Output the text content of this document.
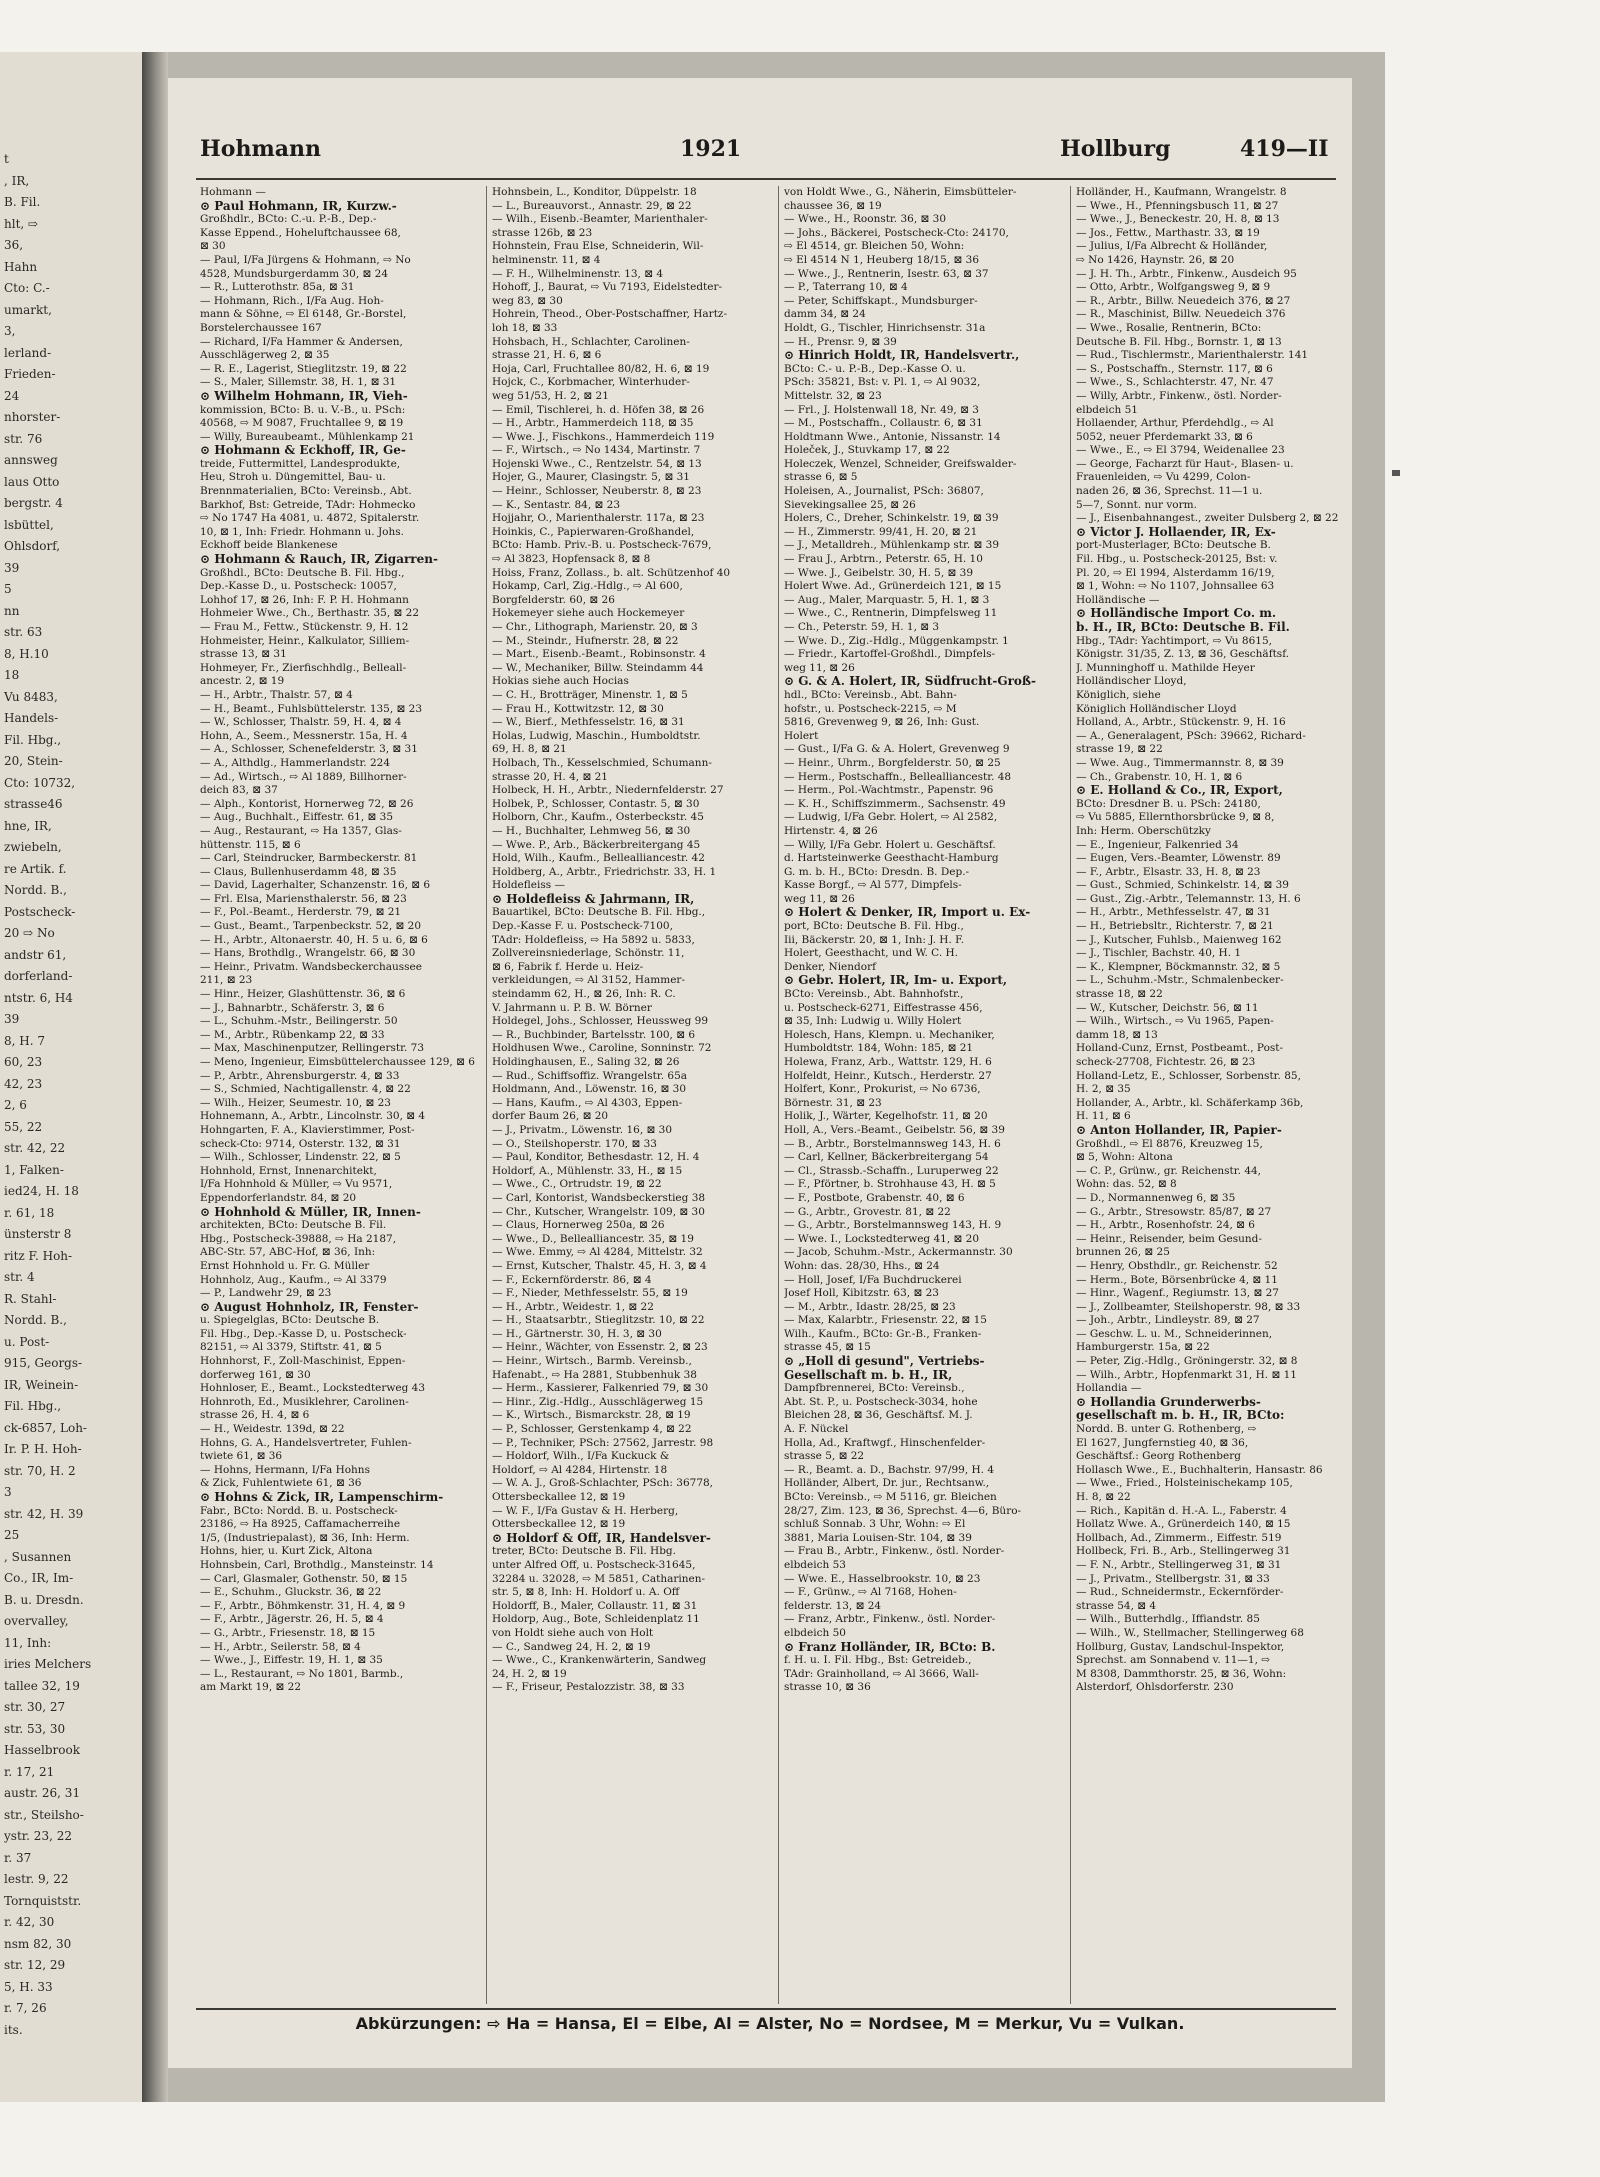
t
, IR,
B. Fil.
hlt, ⇨
36,
Hahn
Cto: C.-
umarkt,
3,
lerland-
Frieden-
24
nhorster-
str. 76
annsweg
laus Otto
bergstr. 4
lsbüttel,
Ohlsdorf,
39
5
nn
str. 63
8, H.10
18
Vu 8483,
Handels-
Fil. Hbg.,
20, Stein-
Cto: 10732,
strasse46
hne, IR,
zwiebeln,
re Artik. f.
Nordd. B.,
Postscheck-
20 ⇨ No
andstr 61,
dorferland-
ntstr. 6, H4
39
8, H. 7
60, 23
42, 23
2, 6
55, 22
str. 42, 22
1, Falken-
ied24, H. 18
r. 61, 18
ünsterstr 8
ritz F. Hoh-
str. 4
R. Stahl-
Nordd. B.,
u. Post-
915, Georgs-
IR, Weinein-
Fil. Hbg.,
ck-6857, Loh-
Ir. P. H. Hoh-
str. 70, H. 2
3
str. 42, H. 39
25
, Susannen
Co., IR, Im-
B. u. Dresdn.
overvalley,
11, Inh:
iries Melchers
tallee 32, 19
str. 30, 27
str. 53, 30
Hasselbrook
r. 17, 21
austr. 26, 31
str., Steilsho-
ystr. 23, 22
r. 37
lestr. 9, 22
Tornquiststr.
r. 42, 30
nsm 82, 30
str. 12, 29
5, H. 33
r. 7, 26
its.
Hohmann	1921	Hollburg	419—II
Hohmann —
⊙ Paul Hohmann, IR, Kurzw.-
Großhdlr., BCto: C.-u. P.-B., Dep.-
Kasse Eppend., Hoheluftchaussee 68,
⊠ 30
— Paul, I/Fa Jürgens & Hohmann, ⇨ No
4528, Mundsburgerdamm 30, ⊠ 24
— R., Lutterothstr. 85a, ⊠ 31
— Hohmann, Rich., I/Fa Aug. Hoh-
mann & Söhne, ⇨ El 6148, Gr.-Borstel,
Borstelerchaussee 167
— Richard, I/Fa Hammer & Andersen,
Ausschlägerweg 2, ⊠ 35
— R. E., Lagerist, Stieglitzstr. 19, ⊠ 22
— S., Maler, Sillemstr. 38, H. 1, ⊠ 31
⊙ Wilhelm Hohmann, IR, Vieh-
kommission, BCto: B. u. V.-B., u. PSch:
40568, ⇨ M 9087, Fruchtallee 9, ⊠ 19
— Willy, Bureaubeamt., Mühlenkamp 21
⊙ Hohmann & Eckhoff, IR, Ge-
treide, Futtermittel, Landesprodukte,
Heu, Stroh u. Düngemittel, Bau- u.
Brennmaterialien, BCto: Vereinsb., Abt.
Barkhof, Bst: Getreide, TAdr: Hohmecko
⇨ No 1747 Ha 4081, u. 4872, Spitalerstr.
10, ⊠ 1, Inh: Friedr. Hohmann u. Johs.
Eckhoff beide Blankenese
⊙ Hohmann & Rauch, IR, Zigarren-
Großhdl., BCto: Deutsche B. Fil. Hbg.,
Dep.-Kasse D., u. Postscheck: 10057,
Lohhof 17, ⊠ 26, Inh: F. P. H. Hohmann
Hohmeier Wwe., Ch., Berthastr. 35, ⊠ 22
— Frau M., Fettw., Stückenstr. 9, H. 12
Hohmeister, Heinr., Kalkulator, Silliem-
strasse 13, ⊠ 31
Hohmeyer, Fr., Zierfischhdlg., Belleall-
ancestr. 2, ⊠ 19
— H., Arbtr., Thalstr. 57, ⊠ 4
— H., Beamt., Fuhlsbüttelerstr. 135, ⊠ 23
— W., Schlosser, Thalstr. 59, H. 4, ⊠ 4
Hohn, A., Seem., Messnerstr. 15a, H. 4
— A., Schlosser, Schenefelderstr. 3, ⊠ 31
— A., Althdlg., Hammerlandstr. 224
— Ad., Wirtsch., ⇨ Al 1889, Billhorner-
deich 83, ⊠ 37
— Alph., Kontorist, Hornerweg 72, ⊠ 26
— Aug., Buchhalt., Eiffestr. 61, ⊠ 35
— Aug., Restaurant, ⇨ Ha 1357, Glas-
hüttenstr. 115, ⊠ 6
— Carl, Steindrucker, Barmbeckerstr. 81
— Claus, Bullenhuserdamm 48, ⊠ 35
— David, Lagerhalter, Schanzenstr. 16, ⊠ 6
— Frl. Elsa, Mariensthalerstr. 56, ⊠ 23
— F., Pol.-Beamt., Herderstr. 79, ⊠ 21
— Gust., Beamt., Tarpenbeckstr. 52, ⊠ 20
— H., Arbtr., Altonaerstr. 40, H. 5 u. 6, ⊠ 6
— Hans, Brothdlg., Wrangelstr. 66, ⊠ 30
— Heinr., Privatm. Wandsbeckerchaussee
211, ⊠ 23
— Hinr., Heizer, Glashüttenstr. 36, ⊠ 6
— J., Bahnarbtr., Schäferstr. 3, ⊠ 6
— L., Schuhm.-Mstr., Beilingerstr. 50
— M., Arbtr., Rübenkamp 22, ⊠ 33
— Max, Maschinenputzer, Rellingerstr. 73
— Meno, Ingenieur, Eimsbüttelerchaussee 129, ⊠ 6
— P., Arbtr., Ahrensburgerstr. 4, ⊠ 33
— S., Schmied, Nachtigallenstr. 4, ⊠ 22
— Wilh., Heizer, Seumestr. 10, ⊠ 23
Hohnemann, A., Arbtr., Lincolnstr. 30, ⊠ 4
Hohngarten, F. A., Klavierstimmer, Post-
scheck-Cto: 9714, Osterstr. 132, ⊠ 31
— Wilh., Schlosser, Lindenstr. 22, ⊠ 5
Hohnhold, Ernst, Innenarchitekt,
I/Fa Hohnhold & Müller, ⇨ Vu 9571,
Eppendorferlandstr. 84, ⊠ 20
⊙ Hohnhold & Müller, IR, Innen-
architekten, BCto: Deutsche B. Fil.
Hbg., Postscheck-39888, ⇨ Ha 2187,
ABC-Str. 57, ABC-Hof, ⊠ 36, Inh:
Ernst Hohnhold u. Fr. G. Müller
Hohnholz, Aug., Kaufm., ⇨ Al 3379
— P., Landwehr 29, ⊠ 23
⊙ August Hohnholz, IR, Fenster-
u. Spiegelglas, BCto: Deutsche B.
Fil. Hbg., Dep.-Kasse D, u. Postscheck-
82151, ⇨ Al 3379, Stiftstr. 41, ⊠ 5
Hohnhorst, F., Zoll-Maschinist, Eppen-
dorferweg 161, ⊠ 30
Hohnloser, E., Beamt., Lockstedterweg 43
Hohnroth, Ed., Musiklehrer, Carolinen-
strasse 26, H. 4, ⊠ 6
— H., Weidestr. 139d, ⊠ 22
Hohns, G. A., Handelsvertreter, Fuhlen-
twiete 61, ⊠ 36
— Hohns, Hermann, I/Fa Hohns
& Zick, Fuhlentwiete 61, ⊠ 36
⊙ Hohns & Zick, IR, Lampenschirm-
Fabr., BCto: Nordd. B. u. Postscheck-
23186, ⇨ Ha 8925, Caffamacherreihe
1/5, (Industriepalast), ⊠ 36, Inh: Herm.
Hohns, hier, u. Kurt Zick, Altona
Hohnsbein, Carl, Brothdlg., Mansteinstr. 14
— Carl, Glasmaler, Gothenstr. 50, ⊠ 15
— E., Schuhm., Gluckstr. 36, ⊠ 22
— F., Arbtr., Böhmkenstr. 31, H. 4, ⊠ 9
— F., Arbtr., Jägerstr. 26, H. 5, ⊠ 4
— G., Arbtr., Friesenstr. 18, ⊠ 15
— H., Arbtr., Seilerstr. 58, ⊠ 4
— Wwe., J., Eiffestr. 19, H. 1, ⊠ 35
— L., Restaurant, ⇨ No 1801, Barmb.,
am Markt 19, ⊠ 22
Hohnsbein, L., Konditor, Düppelstr. 18
— L., Bureauvorst., Annastr. 29, ⊠ 22
— Wilh., Eisenb.-Beamter, Marienthaler-
strasse 126b, ⊠ 23
Hohnstein, Frau Else, Schneiderin, Wil-
helminenstr. 11, ⊠ 4
— F. H., Wilhelminenstr. 13, ⊠ 4
Hohoff, J., Baurat, ⇨ Vu 7193, Eidelstedter-
weg 83, ⊠ 30
Hohrein, Theod., Ober-Postschaffner, Hartz-
loh 18, ⊠ 33
Hohsbach, H., Schlachter, Carolinen-
strasse 21, H. 6, ⊠ 6
Hoja, Carl, Fruchtallee 80/82, H. 6, ⊠ 19
Hojck, C., Korbmacher, Winterhuder-
weg 51/53, H. 2, ⊠ 21
— Emil, Tischlerei, h. d. Höfen 38, ⊠ 26
— H., Arbtr., Hammerdeich 118, ⊠ 35
— Wwe. J., Fischkons., Hammerdeich 119
— F., Wirtsch., ⇨ No 1434, Martinstr. 7
Hojenski Wwe., C., Rentzelstr. 54, ⊠ 13
Hojer, G., Maurer, Clasingstr. 5, ⊠ 31
— Heinr., Schlosser, Neuberstr. 8, ⊠ 23
— K., Sentastr. 84, ⊠ 23
Hojjahr, O., Marienthalerstr. 117a, ⊠ 23
Hoinkis, C., Papierwaren-Großhandel,
BCto: Hamb. Priv.-B. u. Postscheck-7679,
⇨ Al 3823, Hopfensack 8, ⊠ 8
Hoiss, Franz, Zollass., b. alt. Schützenhof 40
Hokamp, Carl, Zig.-Hdlg., ⇨ Al 600,
Borgfelderstr. 60, ⊠ 26
Hokemeyer siehe auch Hockemeyer
— Chr., Lithograph, Marienstr. 20, ⊠ 3
— M., Steindr., Hufnerstr. 28, ⊠ 22
— Mart., Eisenb.-Beamt., Robinsonstr. 4
— W., Mechaniker, Billw. Steindamm 44
Hokias siehe auch Hocias
— C. H., Brotträger, Minenstr. 1, ⊠ 5
— Frau H., Kottwitzstr. 12, ⊠ 30
— W., Bierf., Methfesselstr. 16, ⊠ 31
Holas, Ludwig, Maschin., Humboldtstr.
69, H. 8, ⊠ 21
Holbach, Th., Kesselschmied, Schumann-
strasse 20, H. 4, ⊠ 21
Holbeck, H. H., Arbtr., Niedernfelderstr. 27
Holbek, P., Schlosser, Contastr. 5, ⊠ 30
Holborn, Chr., Kaufm., Osterbeckstr. 45
— H., Buchhalter, Lehmweg 56, ⊠ 30
— Wwe. P., Arb., Bäckerbreitergang 45
Hold, Wilh., Kaufm., Bellealliancestr. 42
Holdberg, A., Arbtr., Friedrichstr. 33, H. 1
Holdefleiss —
⊙ Holdefleiss & Jahrmann, IR,
Bauartikel, BCto: Deutsche B. Fil. Hbg.,
Dep.-Kasse F. u. Postscheck-7100,
TAdr: Holdefleiss, ⇨ Ha 5892 u. 5833,
Zollvereinsniederlage, Schönstr. 11,
⊠ 6, Fabrik f. Herde u. Heiz-
verkleidungen, ⇨ Al 3152, Hammer-
steindamm 62, H., ⊠ 26, Inh: R. C.
V. Jahrmann u. P. B. W. Börner
Holdegel, Johs., Schlosser, Heussweg 99
— R., Buchbinder, Bartelsstr. 100, ⊠ 6
Holdhusen Wwe., Caroline, Sonninstr. 72
Holdinghausen, E., Saling 32, ⊠ 26
— Rud., Schiffsoffiz. Wrangelstr. 65a
Holdmann, And., Löwenstr. 16, ⊠ 30
— Hans, Kaufm., ⇨ Al 4303, Eppen-
dorfer Baum 26, ⊠ 20
— J., Privatm., Löwenstr. 16, ⊠ 30
— O., Steilshoperstr. 170, ⊠ 33
— Paul, Konditor, Bethesdastr. 12, H. 4
Holdorf, A., Mühlenstr. 33, H., ⊠ 15
— Wwe., C., Ortrudstr. 19, ⊠ 22
— Carl, Kontorist, Wandsbeckerstieg 38
— Chr., Kutscher, Wrangelstr. 109, ⊠ 30
— Claus, Hornerweg 250a, ⊠ 26
— Wwe., D., Bellealliancestr. 35, ⊠ 19
— Wwe. Emmy, ⇨ Al 4284, Mittelstr. 32
— Ernst, Kutscher, Thalstr. 45, H. 3, ⊠ 4
— F., Eckernförderstr. 86, ⊠ 4
— F., Nieder, Methfesselstr. 55, ⊠ 19
— H., Arbtr., Weidestr. 1, ⊠ 22
— H., Staatsarbtr., Stieglitzstr. 10, ⊠ 22
— H., Gärtnerstr. 30, H. 3, ⊠ 30
— Heinr., Wächter, von Essenstr. 2, ⊠ 23
— Heinr., Wirtsch., Barmb. Vereinsb.,
Hafenabt., ⇨ Ha 2881, Stubbenhuk 38
— Herm., Kassierer, Falkenried 79, ⊠ 30
— Hinr., Zig.-Hdlg., Ausschlägerweg 15
— K., Wirtsch., Bismarckstr. 28, ⊠ 19
— P., Schlosser, Gerstenkamp 4, ⊠ 22
— P., Techniker, PSch: 27562, Jarrestr. 98
— Holdorf, Wilh., I/Fa Kuckuck &
Holdorf, ⇨ Al 4284, Hirtenstr. 18
— W. A. J., Groß-Schlachter, PSch: 36778,
Ottersbeckallee 12, ⊠ 19
— W. F., I/Fa Gustav & H. Herberg,
Ottersbeckallee 12, ⊠ 19
⊙ Holdorf & Off, IR, Handelsver-
treter, BCto: Deutsche B. Fil. Hbg.
unter Alfred Off, u. Postscheck-31645,
32284 u. 32028, ⇨ M 5851, Catharinen-
str. 5, ⊠ 8, Inh: H. Holdorf u. A. Off
Holdorff, B., Maler, Collaustr. 11, ⊠ 31
Holdorp, Aug., Bote, Schleidenplatz 11
von Holdt siehe auch von Holt
— C., Sandweg 24, H. 2, ⊠ 19
— Wwe., C., Krankenwärterin, Sandweg
24, H. 2, ⊠ 19
— F., Friseur, Pestalozzistr. 38, ⊠ 33
von Holdt Wwe., G., Näherin, Eimsbütteler-
chaussee 36, ⊠ 19
— Wwe., H., Roonstr. 36, ⊠ 30
— Johs., Bäckerei, Postscheck-Cto: 24170,
⇨ El 4514, gr. Bleichen 50, Wohn:
⇨ El 4514 N 1, Heuberg 18/15, ⊠ 36
— Wwe., J., Rentnerin, Isestr. 63, ⊠ 37
— P., Taterrang 10, ⊠ 4
— Peter, Schiffskapt., Mundsburger-
damm 34, ⊠ 24
Holdt, G., Tischler, Hinrichsenstr. 31a
— H., Prensr. 9, ⊠ 39
⊙ Hinrich Holdt, IR, Handelsvertr.,
BCto: C.- u. P.-B., Dep.-Kasse O. u.
PSch: 35821, Bst: v. Pl. 1, ⇨ Al 9032,
Mittelstr. 32, ⊠ 23
— Frl., J. Holstenwall 18, Nr. 49, ⊠ 3
— M., Postschaffn., Collaustr. 6, ⊠ 31
Holdtmann Wwe., Antonie, Nissanstr. 14
Holeček, J., Stuvkamp 17, ⊠ 22
Holeczek, Wenzel, Schneider, Greifswalder-
strasse 6, ⊠ 5
Holeisen, A., Journalist, PSch: 36807,
Sievekingsallee 25, ⊠ 26
Holers, C., Dreher, Schinkelstr. 19, ⊠ 39
— H., Zimmerstr. 99/41, H. 20, ⊠ 21
— J., Metalldreh., Mühlenkamp str. ⊠ 39
— Frau J., Arbtrn., Peterstr. 65, H. 10
— Wwe. J., Geibelstr. 30, H. 5, ⊠ 39
Holert Wwe. Ad., Grünerdeich 121, ⊠ 15
— Aug., Maler, Marquastr. 5, H. 1, ⊠ 3
— Wwe., C., Rentnerin, Dimpfelsweg 11
— Ch., Peterstr. 59, H. 1, ⊠ 3
— Wwe. D., Zig.-Hdlg., Müggenkampstr. 1
— Friedr., Kartoffel-Großhdl., Dimpfels-
weg 11, ⊠ 26
⊙ G. & A. Holert, IR, Südfrucht-Groß-
hdl., BCto: Vereinsb., Abt. Bahn-
hofstr., u. Postscheck-2215, ⇨ M
5816, Grevenweg 9, ⊠ 26, Inh: Gust.
Holert
— Gust., I/Fa G. & A. Holert, Grevenweg 9
— Heinr., Uhrm., Borgfelderstr. 50, ⊠ 25
— Herm., Postschaffn., Bellealliancestr. 48
— Herm., Pol.-Wachtmstr., Papenstr. 96
— K. H., Schiffszimmerm., Sachsenstr. 49
— Ludwig, I/Fa Gebr. Holert, ⇨ Al 2582,
Hirtenstr. 4, ⊠ 26
— Willy, I/Fa Gebr. Holert u. Geschäftsf.
d. Hartsteinwerke Geesthacht-Hamburg
G. m. b. H., BCto: Dresdn. B. Dep.-
Kasse Borgf., ⇨ Al 577, Dimpfels-
weg 11, ⊠ 26
⊙ Holert & Denker, IR, Import u. Ex-
port, BCto: Deutsche B. Fil. Hbg.,
Iii, Bäckerstr. 20, ⊠ 1, Inh: J. H. F.
Holert, Geesthacht, und W. C. H.
Denker, Niendorf
⊙ Gebr. Holert, IR, Im- u. Export,
BCto: Vereinsb., Abt. Bahnhofstr.,
u. Postscheck-6271, Eiffestrasse 456,
⊠ 35, Inh: Ludwig u. Willy Holert
Holesch, Hans, Klempn. u. Mechaniker,
Humboldtstr. 184, Wohn: 185, ⊠ 21
Holewa, Franz, Arb., Wattstr. 129, H. 6
Holfeldt, Heinr., Kutsch., Herderstr. 27
Holfert, Konr., Prokurist, ⇨ No 6736,
Börnestr. 31, ⊠ 23
Holik, J., Wärter, Kegelhofstr. 11, ⊠ 20
Holl, A., Vers.-Beamt., Geibelstr. 56, ⊠ 39
— B., Arbtr., Borstelmannsweg 143, H. 6
— Carl, Kellner, Bäckerbreitergang 54
— Cl., Strassb.-Schaffn., Luruperweg 22
— F., Pförtner, b. Strohhause 43, H. ⊠ 5
— F., Postbote, Grabenstr. 40, ⊠ 6
— G., Arbtr., Grovestr. 81, ⊠ 22
— G., Arbtr., Borstelmannsweg 143, H. 9
— Wwe. I., Lockstedterweg 41, ⊠ 20
— Jacob, Schuhm.-Mstr., Ackermannstr. 30
Wohn: das. 28/30, Hhs., ⊠ 24
— Holl, Josef, I/Fa Buchdruckerei
Josef Holl, Kibitzstr. 63, ⊠ 23
— M., Arbtr., Idastr. 28/25, ⊠ 23
— Max, Kalarbtr., Friesenstr. 22, ⊠ 15
Wilh., Kaufm., BCto: Gr.-B., Franken-
strasse 45, ⊠ 15
⊙ „Holl di gesund", Vertriebs-
Gesellschaft m. b. H., IR,
Dampfbrennerei, BCto: Vereinsb.,
Abt. St. P., u. Postscheck-3034, hohe
Bleichen 28, ⊠ 36, Geschäftsf. M. J.
A. F. Nückel
Holla, Ad., Kraftwgf., Hinschenfelder-
strasse 5, ⊠ 22
— R., Beamt. a. D., Bachstr. 97/99, H. 4
Holländer, Albert, Dr. jur., Rechtsanw.,
BCto: Vereinsb., ⇨ M 5116, gr. Bleichen
28/27, Zim. 123, ⊠ 36, Sprechst. 4—6, Büro-
schluß Sonnab. 3 Uhr, Wohn: ⇨ El
3881, Maria Louisen-Str. 104, ⊠ 39
— Frau B., Arbtr., Finkenw., östl. Norder-
elbdeich 53
— Wwe. E., Hasselbrookstr. 10, ⊠ 23
— F., Grünw., ⇨ Al 7168, Hohen-
felderstr. 13, ⊠ 24
— Franz, Arbtr., Finkenw., östl. Norder-
elbdeich 50
⊙ Franz Holländer, IR, BCto: B.
f. H. u. I. Fil. Hbg., Bst: Getreideb.,
TAdr: Grainholland, ⇨ Al 3666, Wall-
strasse 10, ⊠ 36
Holländer, H., Kaufmann, Wrangelstr. 8
— Wwe., H., Pfenningsbusch 11, ⊠ 27
— Wwe., J., Beneckestr. 20, H. 8, ⊠ 13
— Jos., Fettw., Marthastr. 33, ⊠ 19
— Julius, I/Fa Albrecht & Holländer,
⇨ No 1426, Haynstr. 26, ⊠ 20
— J. H. Th., Arbtr., Finkenw., Ausdeich 95
— Otto, Arbtr., Wolfgangsweg 9, ⊠ 9
— R., Arbtr., Billw. Neuedeich 376, ⊠ 27
— R., Maschinist, Billw. Neuedeich 376
— Wwe., Rosalie, Rentnerin, BCto:
Deutsche B. Fil. Hbg., Bornstr. 1, ⊠ 13
— Rud., Tischlermstr., Marienthalerstr. 141
— S., Postschaffn., Sternstr. 117, ⊠ 6
— Wwe., S., Schlachterstr. 47, Nr. 47
— Willy, Arbtr., Finkenw., östl. Norder-
elbdeich 51
Hollaender, Arthur, Pferdehdlg., ⇨ Al
5052, neuer Pferdemarkt 33, ⊠ 6
— Wwe., E., ⇨ El 3794, Weidenallee 23
— George, Facharzt für Haut-, Blasen- u.
Frauenleiden, ⇨ Vu 4299, Colon-
naden 26, ⊠ 36, Sprechst. 11—1 u.
5—7, Sonnt. nur vorm.
— J., Eisenbahnangest., zweiter Dulsberg 2, ⊠ 22
⊙ Victor J. Hollaender, IR, Ex-
port-Musterlager, BCto: Deutsche B.
Fil. Hbg., u. Postscheck-20125, Bst: v.
Pl. 20, ⇨ El 1994, Alsterdamm 16/19,
⊠ 1, Wohn: ⇨ No 1107, Johnsallee 63
Holländische —
⊙ Holländische Import Co. m.
b. H., IR, BCto: Deutsche B. Fil.
Hbg., TAdr: Yachtimport, ⇨ Vu 8615,
Königstr. 31/35, Z. 13, ⊠ 36, Geschäftsf.
J. Munninghoff u. Mathilde Heyer
Holländischer Lloyd,
Königlich, siehe
Königlich Holländischer Lloyd
Holland, A., Arbtr., Stückenstr. 9, H. 16
— A., Generalagent, PSch: 39662, Richard-
strasse 19, ⊠ 22
— Wwe. Aug., Timmermannstr. 8, ⊠ 39
— Ch., Grabenstr. 10, H. 1, ⊠ 6
⊙ E. Holland & Co., IR, Export,
BCto: Dresdner B. u. PSch: 24180,
⇨ Vu 5885, Ellernthorsbrücke 9, ⊠ 8,
Inh: Herm. Oberschützky
— E., Ingenieur, Falkenried 34
— Eugen, Vers.-Beamter, Löwenstr. 89
— F., Arbtr., Elsastr. 33, H. 8, ⊠ 23
— Gust., Schmied, Schinkelstr. 14, ⊠ 39
— Gust., Zig.-Arbtr., Telemannstr. 13, H. 6
— H., Arbtr., Methfesselstr. 47, ⊠ 31
— H., Betriebsltr., Richterstr. 7, ⊠ 21
— J., Kutscher, Fuhlsb., Maienweg 162
— J., Tischler, Bachstr. 40, H. 1
— K., Klempner, Böckmannstr. 32, ⊠ 5
— L., Schuhm.-Mstr., Schmalenbecker-
strasse 18, ⊠ 22
— W., Kutscher, Deichstr. 56, ⊠ 11
— Wilh., Wirtsch., ⇨ Vu 1965, Papen-
damm 18, ⊠ 13
Holland-Cunz, Ernst, Postbeamt., Post-
scheck-27708, Fichtestr. 26, ⊠ 23
Holland-Letz, E., Schlosser, Sorbenstr. 85,
H. 2, ⊠ 35
Hollander, A., Arbtr., kl. Schäferkamp 36b,
H. 11, ⊠ 6
⊙ Anton Hollander, IR, Papier-
Großhdl., ⇨ El 8876, Kreuzweg 15,
⊠ 5, Wohn: Altona
— C. P., Grünw., gr. Reichenstr. 44,
Wohn: das. 52, ⊠ 8
— D., Normannenweg 6, ⊠ 35
— G., Arbtr., Stresowstr. 85/87, ⊠ 27
— H., Arbtr., Rosenhofstr. 24, ⊠ 6
— Heinr., Reisender, beim Gesund-
brunnen 26, ⊠ 25
— Henry, Obsthdlr., gr. Reichenstr. 52
— Herm., Bote, Börsenbrücke 4, ⊠ 11
— Hinr., Wagenf., Regiumstr. 13, ⊠ 27
— J., Zollbeamter, Steilshoperstr. 98, ⊠ 33
— Joh., Arbtr., Lindleystr. 89, ⊠ 27
— Geschw. L. u. M., Schneiderinnen,
Hamburgerstr. 15a, ⊠ 22
— Peter, Zig.-Hdlg., Gröningerstr. 32, ⊠ 8
— Wilh., Arbtr., Hopfenmarkt 31, H. ⊠ 11
Hollandia —
⊙ Hollandia Grunderwerbs-
gesellschaft m. b. H., IR, BCto:
Nordd. B. unter G. Rothenberg, ⇨
El 1627, Jungfernstieg 40, ⊠ 36,
Geschäftsf.: Georg Rothenberg
Hollasch Wwe., E., Buchhalterin, Hansastr. 86
— Wwe., Fried., Holsteinischekamp 105,
H. 8, ⊠ 22
— Rich., Kapitän d. H.-A. L., Faberstr. 4
Hollatz Wwe. A., Grünerdeich 140, ⊠ 15
Hollbach, Ad., Zimmerm., Eiffestr. 519
Hollbeck, Fri. B., Arb., Stellingerweg 31
— F. N., Arbtr., Stellingerweg 31, ⊠ 31
— J., Privatm., Stellbergstr. 31, ⊠ 33
— Rud., Schneidermstr., Eckernförder-
strasse 54, ⊠ 4
— Wilh., Butterhdlg., Iffiandstr. 85
— Wilh., W., Stellmacher, Stellingerweg 68
Hollburg, Gustav, Landschul-Inspektor,
Sprechst. am Sonnabend v. 11—1, ⇨
M 8308, Dammthorstr. 25, ⊠ 36, Wohn:
Alsterdorf, Ohlsdorferstr. 230
Abkürzungen: ⇨ Ha = Hansa, El = Elbe, Al = Alster, No = Nordsee, M = Merkur, Vu = Vulkan.
